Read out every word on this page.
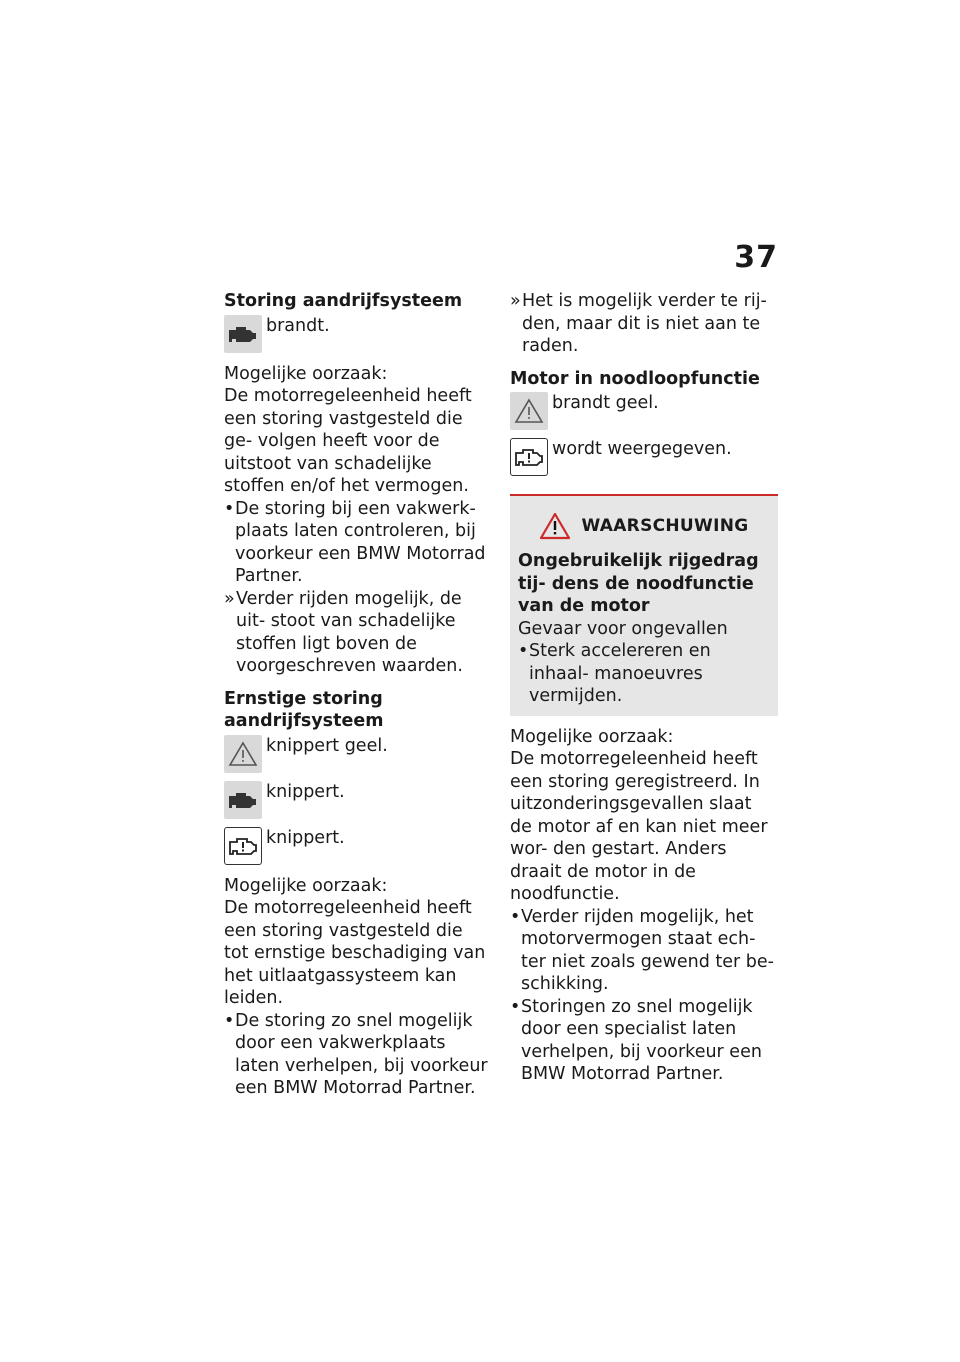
37

Storing aandrijfsysteem

brandt.

Mogelijke oorzaak:

De motorregeleenheid heeft een storing vastgesteld die ge- volgen heeft voor de uitstoot van schadelijke stoffen en/of het vermogen.

• De storing bij een vakwerk- plaats laten controleren, bij voorkeur een BMW Motorrad Partner.
» Verder rijden mogelijk, de uit- stoot van schadelijke stoffen ligt boven de voorgeschreven waarden.

Ernstige storing aandrijfsysteem

knippert geel.
knippert.
knippert.

Mogelijke oorzaak:

De motorregeleenheid heeft een storing vastgesteld die tot ernstige beschadiging van het uitlaatgassysteem kan leiden.

• De storing zo snel mogelijk door een vakwerkplaats laten verhelpen, bij voorkeur een BMW Motorrad Partner.
» Het is mogelijk verder te rij- den, maar dit is niet aan te raden.

Motor in noodloopfunctie

brandt geel.
wordt weergegeven.
WAARSCHUWING

Ongebruikelijk rijgedrag tij- dens de noodfunctie van de motor

Gevaar voor ongevallen

• Sterk accelereren en inhaal- manoeuvres vermijden.

Mogelijke oorzaak:

De motorregeleenheid heeft een storing geregistreerd. In uitzonderingsgevallen slaat de motor af en kan niet meer wor- den gestart. Anders draait de motor in de noodfunctie.

• Verder rijden mogelijk, het motorvermogen staat ech- ter niet zoals gewend ter be- schikking.
• Storingen zo snel mogelijk door een specialist laten verhelpen, bij voorkeur een BMW Motorrad Partner.
